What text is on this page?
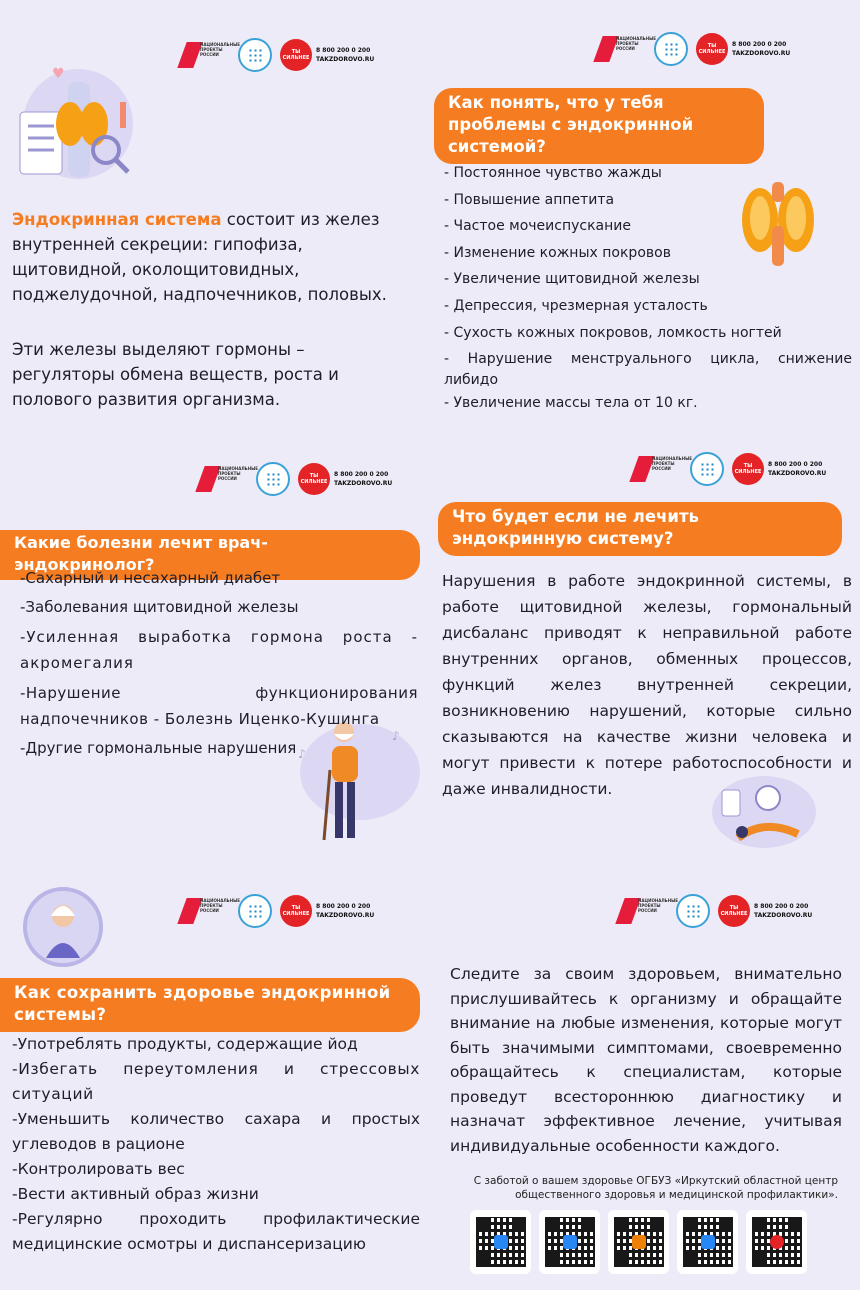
НАЦИОНАЛЬНЫЕ ПРОЕКТЫ РОССИИ	ТЫ СИЛЬНЕЕ
8 800 200 0 200
TAKZDOROVO.RU
♥
Эндокринная система состоит из желез внутренней секреции: гипофиза, щитовидной, околощитовидных, поджелудочной, надпочечников, половых.
Эти железы выделяют гормоны – регуляторы обмена веществ, роста и полового развития организма.
НАЦИОНАЛЬНЫЕ ПРОЕКТЫ РОССИИ	ТЫ СИЛЬНЕЕ
8 800 200 0 200
TAKZDOROVO.RU
Как понять, что у тебя проблемы с эндокринной системой?
- Постоянное чувство жажды
- Повышение аппетита
- Частое мочеиспускание
- Изменение кожных покровов
- Увеличение щитовидной железы
- Депрессия, чрезмерная усталость
- Сухость кожных покровов, ломкость ногтей
- Нарушение менструального цикла, снижение либидо
- Увеличение массы тела от 10 кг.
НАЦИОНАЛЬНЫЕ ПРОЕКТЫ РОССИИ	ТЫ СИЛЬНЕЕ
8 800 200 0 200
TAKZDOROVO.RU
Какие болезни лечит врач-эндокринолог?
♪
♪
-Сахарный и несахарный диабет
-Заболевания щитовидной железы
-Усиленная выработка гормона роста - акромегалия
-Нарушение функционирования надпочечников - Болезнь Иценко-Кушинга
-Другие гормональные нарушения
НАЦИОНАЛЬНЫЕ ПРОЕКТЫ РОССИИ	ТЫ СИЛЬНЕЕ
8 800 200 0 200
TAKZDOROVO.RU
Что будет если не лечить эндокринную систему?
Нарушения в работе эндокринной системы, в работе щитовидной железы, гормональный дисбаланс приводят к неправильной работе внутренних органов, обменных процессов, функций желез внутренней секреции, возникновению нарушений, которые сильно сказываются на качестве жизни человека и могут привести к потере работоспособности и даже инвалидности.
НАЦИОНАЛЬНЫЕ ПРОЕКТЫ РОССИИ	ТЫ СИЛЬНЕЕ
8 800 200 0 200
TAKZDOROVO.RU
Как сохранить здоровье эндокринной системы?
-Употреблять продукты, содержащие йод
-Избегать переутомления и стрессовых ситуаций
-Уменьшить количество сахара и простых углеводов в рационе
-Контролировать вес
-Вести активный образ жизни
-Регулярно проходить профилактические медицинские осмотры и диспансеризацию
НАЦИОНАЛЬНЫЕ ПРОЕКТЫ РОССИИ	ТЫ СИЛЬНЕЕ
8 800 200 0 200
TAKZDOROVO.RU
Следите за своим здоровьем, внимательно прислушивайтесь к организму и обращайте внимание на любые изменения, которые могут быть значимыми симптомами, своевременно обращайтесь к специалистам, которые проведут всестороннюю диагностику и назначат эффективное лечение, учитывая индивидуальные особенности каждого.
С заботой о вашем здоровье ОГБУЗ «Иркутский областной центр
общественного здоровья и медицинской профилактики».
